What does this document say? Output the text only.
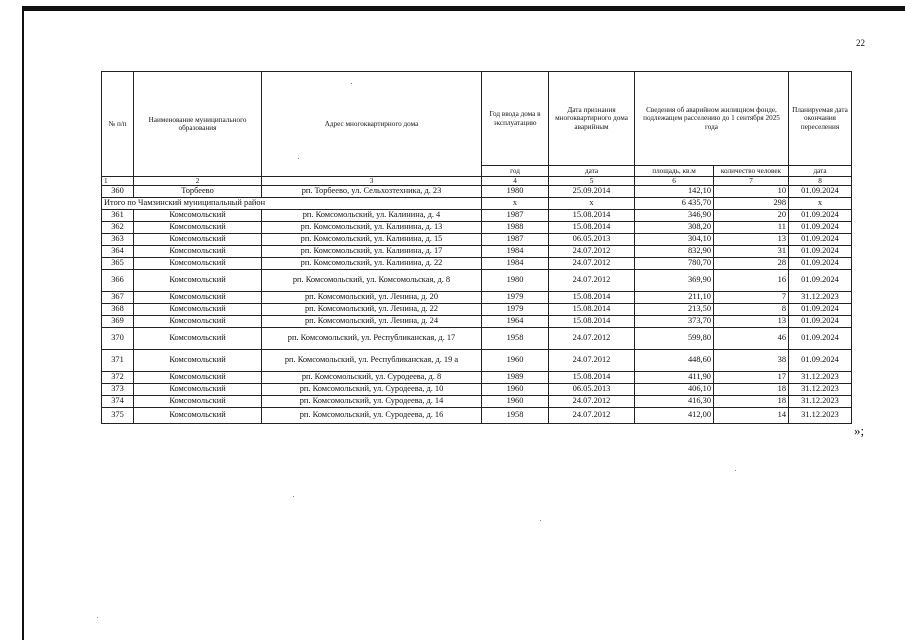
22
№ п/п	Наименование муниципального образования	Адрес многоквартирного дома	Год ввода дома в эксплуатацию	Дата признания многоквартирного дома аварийным	Сведения об аварийном жилищном фонде, подлежащем расселению до 1 сентября 2025 года		Планируемая дата окончания переселения
			год	дата	площадь, кв.м	количество человек	дата
1	2	3	4	5	6	7	8
360	Торбеево	рп. Торбеево, ул. Сельхозтехника, д. 23	1980	25.09.2014	142,10	10	01.09.2024
Итого по Чамзинский муниципальный район			х	х	6 435,70	298	х
361	Комсомольский	рп. Комсомольский, ул. Калинина, д. 4	1987	15.08.2014	346,90	20	01.09.2024
362	Комсомольский	рп. Комсомольский, ул. Калинина, д. 13	1988	15.08.2014	308,20	11	01.09.2024
363	Комсомольский	рп. Комсомольский, ул. Калинина, д. 15	1987	06.05.2013	304,10	13	01.09.2024
364	Комсомольский	рп. Комсомольский, ул. Калинина, д. 17	1984	24.07.2012	832,90	31	01.09.2024
365	Комсомольский	рп. Комсомольский, ул. Калинина, д. 22	1984	24.07.2012	780,70	28	01.09.2024
366	Комсомольский	рп. Комсомольский, ул. Комсомольская, д. 8	1980	24.07.2012	369,90	16	01.09.2024
367	Комсомольский	рп. Комсомольский, ул. Ленина, д. 20	1979	15.08.2014	211,10	7	31.12.2023
368	Комсомольский	рп. Комсомольский, ул. Ленина, д. 22	1979	15.08.2014	213,50	8	01.09.2024
369	Комсомольский	рп. Комсомольский, ул. Ленина, д. 24	1964	15.08.2014	373,70	13	01.09.2024
370	Комсомольский	рп. Комсомольский, ул. Республиканская, д. 17	1958	24.07.2012	599,80	46	01.09.2024
371	Комсомольский	рп. Комсомольский, ул. Республиканская, д. 19 а	1960	24.07.2012	448,60	38	01.09.2024
372	Комсомольский	рп. Комсомольский, ул. Суродеева, д. 8	1989	15.08.2014	411,90	17	31.12.2023
373	Комсомольский	рп. Комсомольский, ул. Суродеева, д. 10	1960	06.05.2013	406,10	18	31.12.2023
374	Комсомольский	рп. Комсомольский, ул. Суродеева, д. 14	1960	24.07.2012	416,30	18	31.12.2023
375	Комсомольский	рп. Комсомольский, ул. Суродеева, д. 16	1958	24.07.2012	412,00	14	31.12.2023
»;
